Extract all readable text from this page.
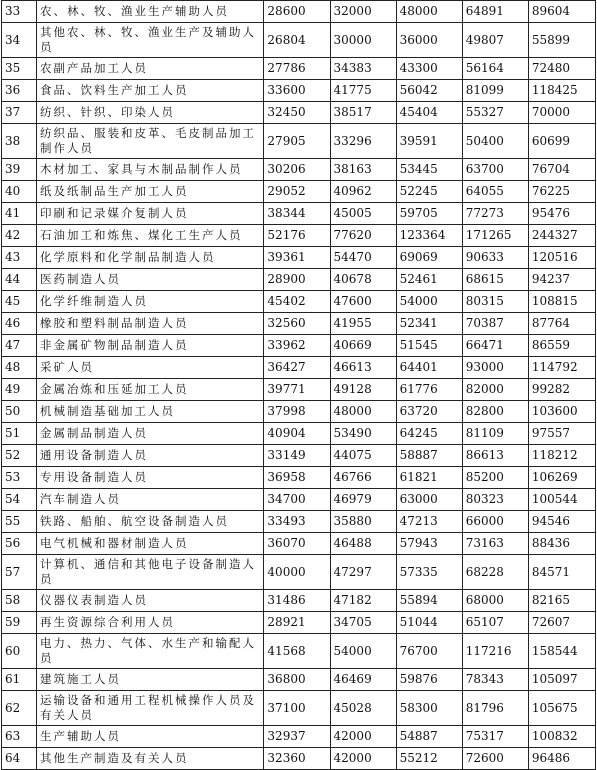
33	农、林、牧、渔业生产辅助人员	28600	32000	48000	64891	89604
34	其他农、林、牧、渔业生产及辅助人员	26804	30000	36000	49807	55899
35	农副产品加工人员	27786	34383	43300	56164	72480
36	食品、饮料生产加工人员	33600	41775	56042	81099	118425
37	纺织、针织、印染人员	32450	38517	45404	55327	70000
38	纺织品、服装和皮革、毛皮制品加工制作人员	27905	33296	39591	50400	60699
39	木材加工、家具与木制品制作人员	30206	38163	53445	63700	76704
40	纸及纸制品生产加工人员	29052	40962	52245	64055	76225
41	印刷和记录媒介复制人员	38344	45005	59705	77273	95476
42	石油加工和炼焦、煤化工生产人员	52176	77620	123364	171265	244327
43	化学原料和化学制品制造人员	39361	54470	69069	90633	120516
44	医药制造人员	28900	40678	52461	68615	94237
45	化学纤维制造人员	45402	47600	54000	80315	108815
46	橡胶和塑料制品制造人员	32560	41955	52341	70387	87764
47	非金属矿物制品制造人员	33962	40669	51545	66471	86559
48	采矿人员	36427	46613	64401	93000	114792
49	金属冶炼和压延加工人员	39771	49128	61776	82000	99282
50	机械制造基础加工人员	37998	48000	63720	82800	103600
51	金属制品制造人员	40904	53490	64245	81109	97557
52	通用设备制造人员	33149	44075	58887	86613	118212
53	专用设备制造人员	36958	46766	61821	85200	106269
54	汽车制造人员	34700	46979	63000	80323	100544
55	铁路、船舶、航空设备制造人员	33493	35880	47213	66000	94546
56	电气机械和器材制造人员	36070	46488	57943	73163	88436
57	计算机、通信和其他电子设备制造人员	40000	47297	57335	68228	84571
58	仪器仪表制造人员	31486	47182	55894	68000	82165
59	再生资源综合利用人员	28921	34705	51044	65107	72607
60	电力、热力、气体、水生产和输配人员	41568	54000	76700	117216	158544
61	建筑施工人员	36800	46469	59876	78343	105097
62	运输设备和通用工程机械操作人员及有关人员	37100	45028	58300	81796	105675
63	生产辅助人员	32937	42000	54887	75317	100832
64	其他生产制造及有关人员	32360	42000	55212	72600	96486
